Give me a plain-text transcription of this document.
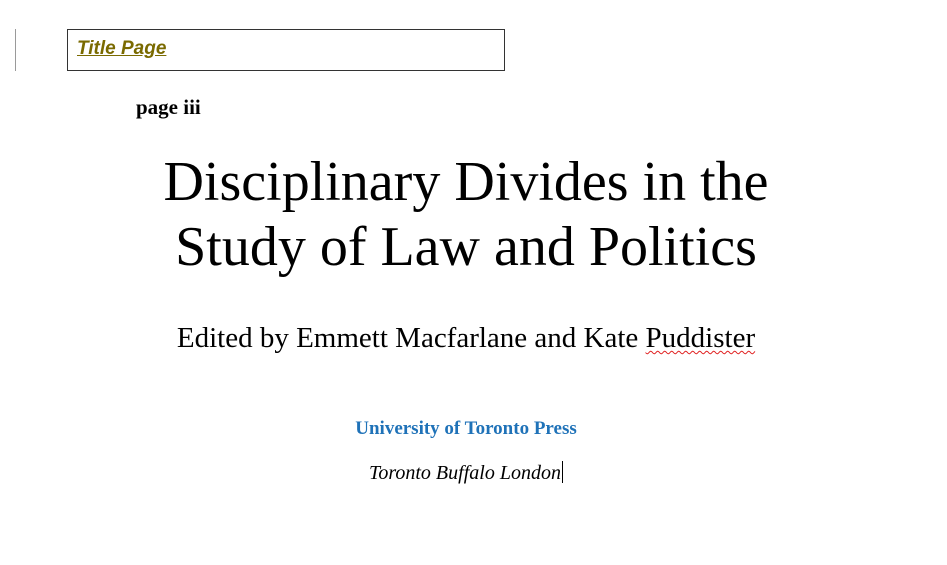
Title Page
page iii
Disciplinary Divides in the
Study of Law and Politics
Edited by Emmett Macfarlane and Kate Puddister
University of Toronto Press
Toronto Buffalo London
